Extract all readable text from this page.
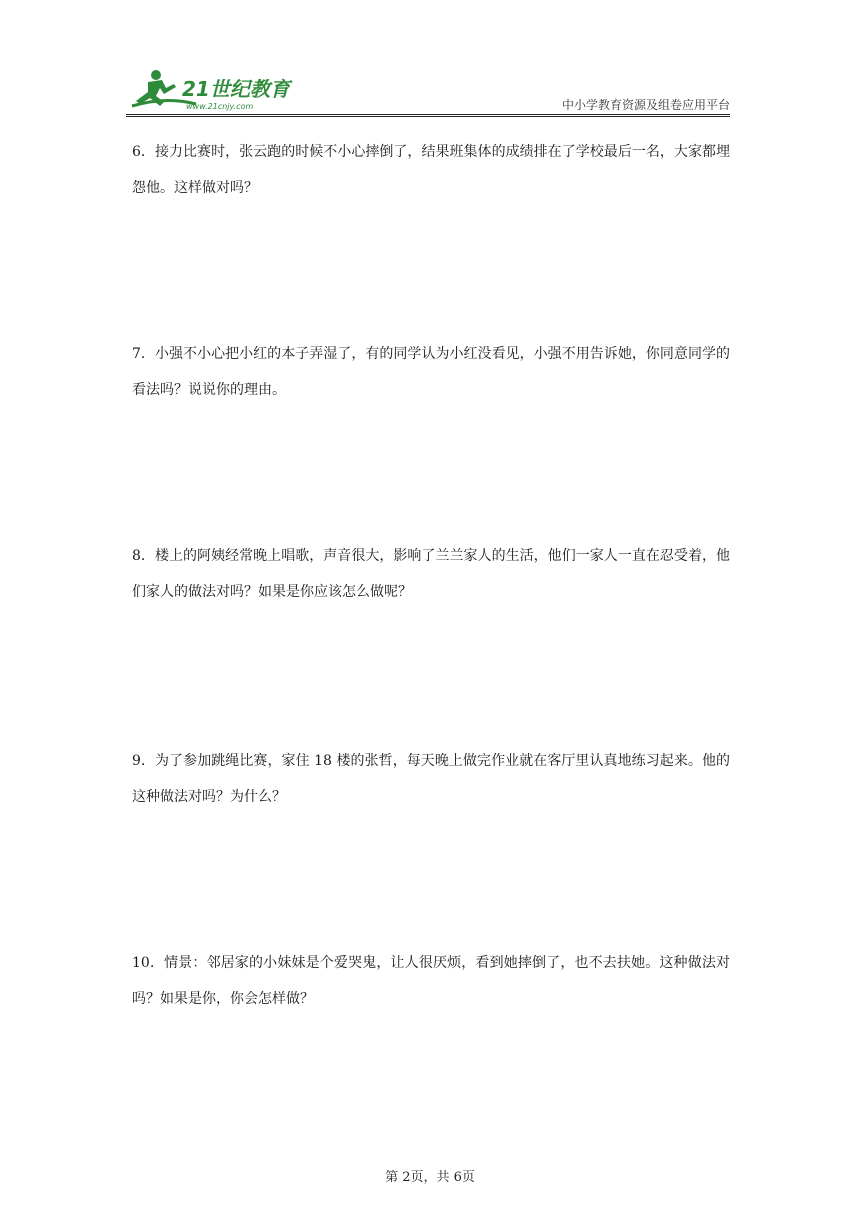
21世纪教育
www.21cnjy.com	中小学教育资源及组卷应用平台
6．接力比赛时，张云跑的时候不小心摔倒了，结果班集体的成绩排在了学校最后一名，大家都埋怨他。这样做对吗？
7．小强不小心把小红的本子弄湿了，有的同学认为小红没看见，小强不用告诉她，你同意同学的看法吗？说说你的理由。
8．楼上的阿姨经常晚上唱歌，声音很大，影响了兰兰家人的生活，他们一家人一直在忍受着，他们家人的做法对吗？如果是你应该怎么做呢？
9．为了参加跳绳比赛，家住 18 楼的张哲，每天晚上做完作业就在客厅里认真地练习起来。他的这种做法对吗？为什么？
10．情景：邻居家的小妹妹是个爱哭鬼，让人很厌烦，看到她摔倒了，也不去扶她。这种做法对吗？如果是你，你会怎样做？
第 2页，共 6页
